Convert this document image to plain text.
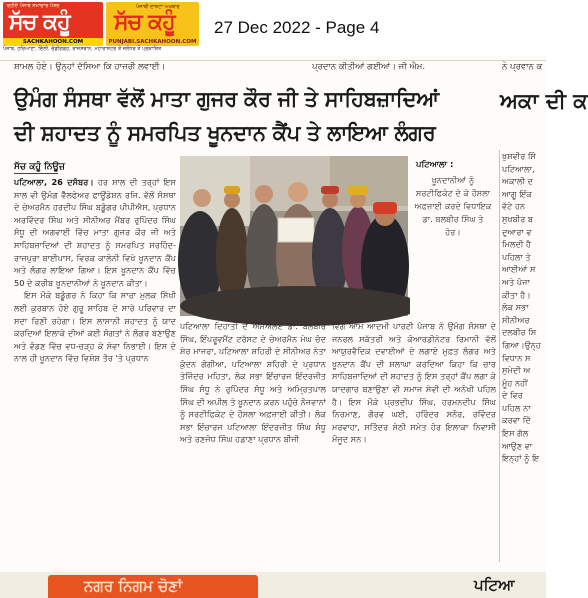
ਰਹੀਏ ਪੰਜਾਬ ਸਮਾਚਾਰ ਪੱਤਰ
ਸੱਚ ਕਹੂੰ
SACHKAHOON.COM
ਪੰਜਾਬੀ ਦਾਸ਼ਟਾਂ ਅਖ਼ਬਾਰ
ਸੱਚ ਕਹੂੰ
PUNJABI.SACHKAHOON.COM
ਪੰਜਾਬ, ਹਰਿਆਣਾ, ਦਿੱਲੀ, ਚੰਡੀਗੜ੍ਹ, ਰਾਜਸਥਾਨ, ਮਹਾਰਾਸ਼ਟਰ ਤੇ ਜਲੰਧਰ ਤੋਂ ਪ੍ਰਕਾਸ਼ਿਤ
27 Dec 2022 - Page 4
ਸ਼ਾਮਲ ਹੋਏ। ਉਨ੍ਹਾਂ ਦੱਸਿਆ ਕਿ ਹਾਜ਼ਰੀ ਲਵਾਈ।	ਪ੍ਰਦਾਨ ਕੀਤੀਆਂ ਗਈਆਂ। ਜੀ ਐਮ.	ਨੇ ਪ੍ਰਵਾਨ ਕ
ਉਮੰਗ ਸੰਸਥਾ ਵੱਲੋਂ ਮਾਤਾ ਗੁਜਰ ਕੌਰ ਜੀ ਤੇ ਸਾਹਿਬਜ਼ਾਦਿਆਂ
ਦੀ ਸ਼ਹਾਦਤ ਨੂੰ ਸਮਰਪਿਤ ਖੂਨਦਾਨ ਕੈਂਪ ਤੇ ਲਾਇਆ ਲੰਗਰ
ਅਕਾ ਦੀ ਕ
ਸੱਚ ਕਹੂੰ ਨਿਊਜ਼

ਪਟਿਆਲਾ, 26 ਦਸੰਬਰ। ਹਰ ਸਾਲ ਦੀ ਤਰ੍ਹਾਂ ਇਸ ਸਾਲ ਵੀ ਉਮੰਗ ਵੈੱਲਫੇਅਰ ਫਾਊਂਡੇਸ਼ਨ ਰਜਿ. ਵੱਲੋਂ ਸੰਸਥਾ ਦੇ ਚੇਅਰਮੈਨ ਹਰਦੀਪ ਸਿੰਘ ਬਡੂੰਗਰ ਪੀਪੀਐਸ, ਪ੍ਰਧਾਨ ਅਰਵਿੰਦਰ ਸਿੰਘ ਅਤੇ ਸੀਨੀਅਰ ਮੈਂਬਰ ਰੁਪਿੰਦਰ ਸਿੰਘ ਸੰਧੂ ਦੀ ਅਗਵਾਈ ਵਿੱਚ ਮਾਤਾ ਗੁਜਰ ਕੌਰ ਜੀ ਅਤੇ ਸਾਹਿਬਜ਼ਾਦਿਆਂ ਦੀ ਸ਼ਹਾਦਤ ਨੂੰ ਸਮਰਪਿਤ ਸਰਹਿੰਦ-ਰਾਜਪੁਰਾ ਬਾਈਪਾਸ, ਵਿਰਕ ਕਾਲੋਨੀ ਵਿਖੇ ਖੂਨਦਾਨ ਕੈਂਪ ਅਤੇ ਲੰਗਰ ਲਾਇਆ ਗਿਆ। ਇਸ ਖੂਨਦਾਨ ਕੈਂਪ ਵਿੱਚ 50 ਦੇ ਕਰੀਬ ਖੂਨਦਾਨੀਆਂ ਨੇ ਖੂਨਦਾਨ ਕੀਤਾ।

ਇਸ ਮੌਕੇ ਬਡੂੰਗਰ ਨੇ ਕਿਹਾ ਕਿ ਸਾਰਾ ਮੁਲਕ ਸਿੱਖੀ ਲਈ ਕੁਰਬਾਨ ਹੋਏ ਗੁਰੂ ਸਾਹਿਬ ਦੇ ਸਾਰੇ ਪਰਿਵਾਰ ਦਾ ਸਦਾ ਰਿਣੀ ਰਹੇਗਾ। ਇਸ ਲਾਸਾਨੀ ਸ਼ਹਾਦਤ ਨੂੰ ਯਾਦ ਕਰਦਿਆਂ ਇਲਾਕੇ ਦੀਆਂ ਕਈ ਸੰਗਤਾਂ ਨੇ ਲੰਗਰ ਬਣਾਉਣ ਅਤੇ ਵੰਡਣ ਵਿੱਚ ਵਧ-ਚੜ੍ਹ ਕੇ ਸੇਵਾ ਨਿਭਾਈ। ਇਸ ਦੇ ਨਾਲ ਹੀ ਖੂਨਦਾਨ ਵਿੱਚ ਵਿਸ਼ੇਸ਼ ਤੌਰ 'ਤੇ ਪ੍ਰਧਾਨ

ਪਟਿਆਲਾ :
ਖੂਨਦਾਨੀਆਂ ਨੂੰ ਸਰਟੀਫਿਕੇਟ ਦੇ ਕੇ ਹੌਸਲਾ ਅਫ਼ਜ਼ਾਈ ਕਰਦੇ ਵਿਧਾਇਕ ਡਾ. ਬਲਬੀਰ ਸਿੰਘ ਤੇ ਹੋਰ।

ਪਟਿਆਲਾ ਦਿਹਾਤੀ ਦੇ ਐੱਮਐੱਲਏ ਡਾ. ਬਲਬੀਰ ਸਿੰਘ, ਇੰਪਰੂਵਮੈਂਟ ਟਰੱਸਟ ਦੇ ਚੇਅਰਮੈਨ ਮੇਘ ਚੰਦ ਸ਼ੇਰ ਮਾਜਰਾ, ਪਟਿਆਲਾ ਸ਼ਹਿਰੀ ਦੇ ਸੀਨੀਅਰ ਨੇਤਾ ਕੁੰਦਨ ਗੋਗੀਆ, ਪਟਿਆਲਾ ਸ਼ਹਿਰੀ ਦੇ ਪ੍ਰਧਾਨ ਤੇਜਿੰਦਰ ਮਹਿਤਾ, ਲੋਕ ਸਭਾ ਇੰਚਾਰਜ ਇੰਦਰਜੀਤ ਸਿੰਘ ਸੰਧੂ ਨੇ ਰੁਪਿੰਦਰ ਸੰਧੂ ਅਤੇ ਅਮ੍ਰਿਤਪਾਲ ਸਿੰਘ ਦੀ ਅਪੀਲ ਤੇ ਖੂਨਦਾਨ ਕਰਨ ਪਹੁੰਚੇ ਨੌਜਵਾਨਾਂ ਨੂੰ ਸਰਟੀਫਿਕੇਟ ਦੇ ਹੌਸਲਾ ਅਫ਼ਜ਼ਾਈ ਕੀਤੀ। ਲੋਕ ਸਭਾ ਇੰਚਾਰਜ ਪਟਿਆਲਾ ਇੰਦਰਜੀਤ ਸਿੰਘ ਸੰਧੂ ਅਤੇ ਰਣਜੋਧ ਸਿੰਘ ਹਡਾਣਾ ਪ੍ਰਧਾਨ ਬੀਜੀ

ਵਿੰਗ ਆਮ ਆਦਮੀ ਪਾਰਟੀ ਪੰਜਾਬ ਨੇ ਉਮੰਗ ਸੰਸਥਾ ਦੇ ਜਨਰਲ ਸਕੱਤਰੀ ਅਤੇ ਕੋਆਰਡੀਨੇਟਰ ਰਿਮਾਨੀ ਵੱਲੋਂ ਆਯੁਰਵੈਦਿਕ ਦਵਾਈਆਂ ਦੇ ਲਗਾਏ ਮੁਫ਼ਤ ਲੰਗਰ ਅਤੇ ਖੂਨਦਾਨ ਕੈਂਪ ਦੀ ਸ਼ਲਾਘਾ ਕਰਦਿਆ ਕਿਹਾ ਕਿ ਚਾਰ ਸਾਹਿਬਜ਼ਾਦਿਆਂ ਦੀ ਸ਼ਹਾਦਤ ਨੂੰ ਇਸ ਤਰ੍ਹਾਂ ਕੈਂਪ ਲਗਾ ਕੇ ਯਾਦਗਾਰ ਬਣਾਉਣਾ ਵੀ ਸਮਾਜ ਸੇਵੀ ਦੀ ਅਨੋਖੀ ਪਹਿਲ ਹੈ। ਇਸ ਮੌਕੇ ਪ੍ਰਭਦੀਪ ਸਿੰਘ, ਹਰਮਨਦੀਪ ਸਿੰਘ ਨਿਰਮਾਣ, ਗੌਰਵ ਘਈ, ਹਰਿੰਦਰ ਸਨੌਰ, ਰਵਿੰਦਰ ਮਰਵਾਹਾ, ਸਤਿੰਦਰ ਸੇਠੀ ਸਮੇਤ ਹੋਰ ਇਲਾਕਾ ਨਿਵਾਸੀ ਮੌਜੂਦ ਸਨ।

ਖੁਸ਼ਵੀਰ ਸਿੰ
ਪਟਿਆਲਾ,
ਅਕਾਲੀ ਦ
ਆਗੂ ਇੰਕ
ਵੱਟੇ ਹਨ
ਸੁਖਬੀਰ ਬ
ਦੁਆਰਾ ਵ
ਮਿਲਦੀ ਹੈ
ਪਹਿਲਾ ਤੇ
ਆਈਆਂ ਸ
ਅਤੇ ਪੰਜਾ
ਕੀਤਾ ਹੈ।
ਲੋਕ ਸਭਾ
ਸੀਨੀਅਰ
ਦਲਬੀਰ ਸਿ
ਗਿਆ।ਉਨ੍ਹ
ਵਿਧਾਨ ਸ
ਸੁਮੇਦੀ ਅ
ਮੂੰਹ ਨਹੀਂ
ਦੇ ਵਿਰ
ਪਹਿਲ ਨਾ
ਕਰਵਾ ਦਿੱ
ਇਸ ਗੱਲ
ਆਉਣ ਵਾ
ਇਨ੍ਹਾਂ ਨੂੰ ਇ
ਨਗਰ ਨਿਗਮ ਚੋਣਾਂ	ਪਟਿਆ
